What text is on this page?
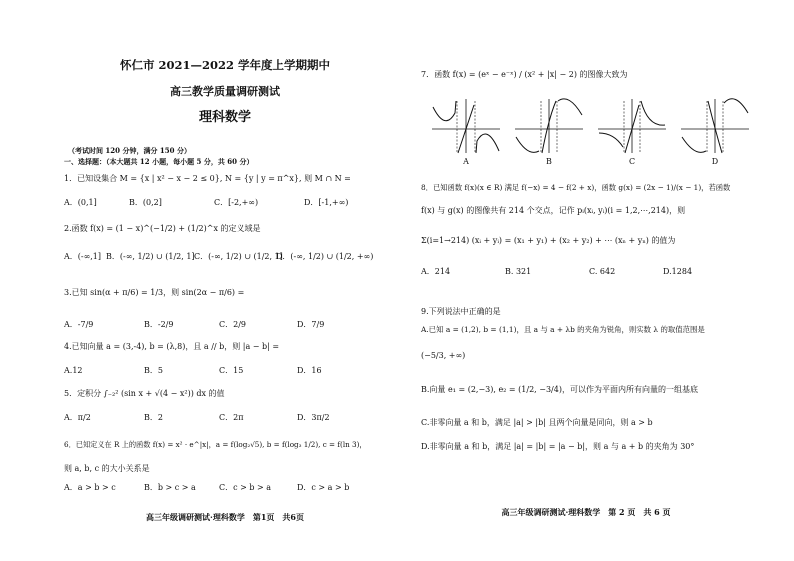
怀仁市 2021—2022 学年度上学期期中
高三教学质量调研测试
理科数学
（考试时间 120 分钟，满分 150 分）
一、选择题：（本大题共 12 小题，每小题 5 分，共 60 分）
1．已知设集合 M = {x | x² − x − 2 ≤ 0}, N = {y | y = π^x}, 则 M ∩ N =
A．(0,1]	B．(0,2]	C．[-2,+∞)	D．[-1,+∞)
2.函数 f(x) = (1 − x)^(−1/2) + (1/2)^x 的定义域是
A．(-∞,1] B．(-∞, 1/2) ∪ (1/2, 1] C．(-∞, 1/2) ∪ (1/2, 1]
D．(-∞, 1/2) ∪ (1/2, +∞)
3.已知 sin(α + π/6) = 1/3，则 sin(2α − π/6) =
A．-7/9	B．-2/9	C．2/9	D．7/9
4.已知向量 a = (3,-4), b = (λ,8)，且 a // b，则 |a − b| =
A.12	B．5	C．15	D．16
5．定积分 ∫₋₂² (sin x + √(4 − x²)) dx 的值
A．π/2	B．2	C．2π	D．3π/2
6．已知定义在 R 上的函数 f(x) = x² · e^|x|，a = f(log₂√5), b = f(log₃ 1/2), c = f(ln 3)，
则 a, b, c 的大小关系是
A．a > b > c	B．b > c > a	C．c > b > a	D．c > a > b
高三年级调研测试·理科数学　第1页　共6页
7．函数 f(x) = (eˣ − e⁻ˣ) / (x² + |x| − 2) 的图像大致为
A	B	C	D
8．已知函数 f(x)(x ∈ R) 满足 f(−x) = 4 − f(2 + x)，函数 g(x) = (2x − 1)/(x − 1)，若函数
f(x) 与 g(x) 的图像共有 214 个交点，记作 pᵢ(xᵢ, yᵢ)(i = 1,2,⋯,214)，则
Σ(i=1→214) (xᵢ + yᵢ) = (x₁ + y₁) + (x₂ + y₂) + ⋯ (xₙ + yₙ) 的值为
A．214	B. 321	C. 642	D.1284
9.下列说法中正确的是
A.已知 a = (1,2), b = (1,1)，且 a 与 a + λb 的夹角为锐角，则实数 λ 的取值范围是
(−5/3, +∞)
B.向量 e₁ = (2,−3), e₂ = (1/2, −3/4)，可以作为平面内所有向量的一组基底
C.非零向量 a 和 b，满足 |a| > |b| 且两个向量是同向，则 a > b
D.非零向量 a 和 b，满足 |a| = |b| = |a − b|，则 a 与 a + b 的夹角为 30°
高三年级调研测试·理科数学　第 2 页　共 6 页
